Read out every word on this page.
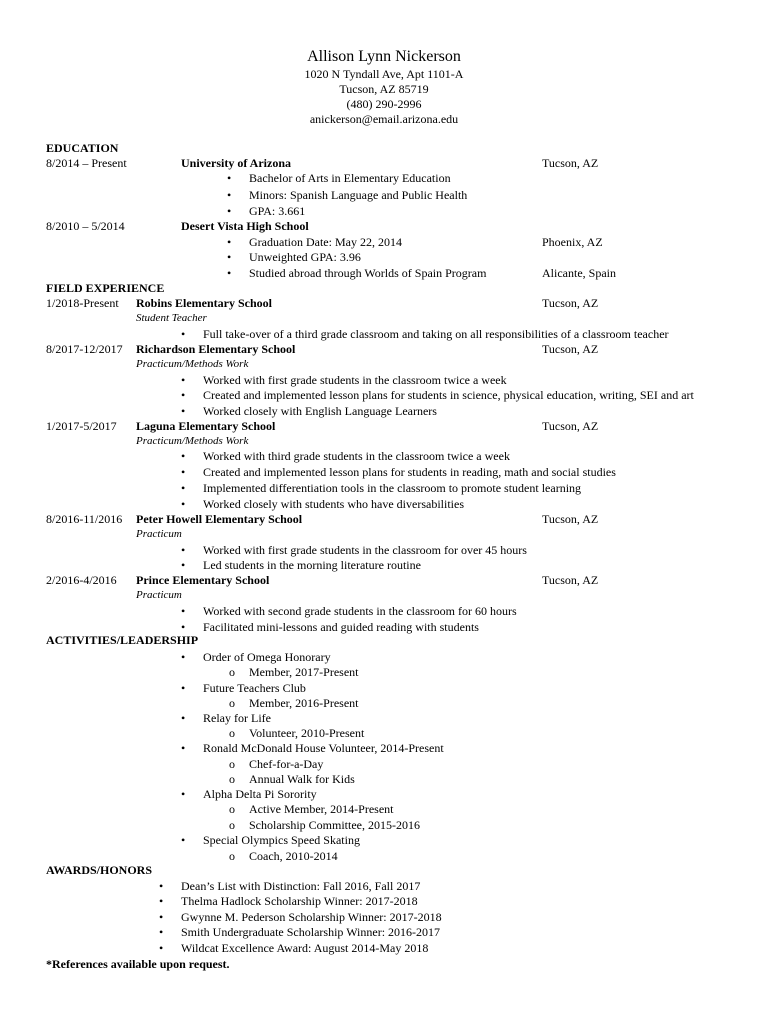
Allison Lynn Nickerson
1020 N Tyndall Ave, Apt 1101-A
Tucson, AZ 85719
(480) 290-2996
anickerson@email.arizona.edu
EDUCATION
8/2014 – Present	University of Arizona	Tucson, AZ
• Bachelor of Arts in Elementary Education
• Minors: Spanish Language and Public Health
• GPA: 3.661
8/2010 – 5/2014	Desert Vista High School
• Graduation Date: May 22, 2014	Phoenix, AZ
• Unweighted GPA: 3.96
• Studied abroad through Worlds of Spain Program	Alicante, Spain
FIELD EXPERIENCE
1/2018-Present Robins Elementary School	Tucson, AZ
Student Teacher
• Full take-over of a third grade classroom and taking on all responsibilities of a classroom teacher
8/2017-12/2017 Richardson Elementary School	Tucson, AZ
Practicum/Methods Work
• Worked with first grade students in the classroom twice a week
• Created and implemented lesson plans for students in science, physical education, writing, SEI and art
• Worked closely with English Language Learners
1/2017-5/2017 Laguna Elementary School	Tucson, AZ
Practicum/Methods Work
• Worked with third grade students in the classroom twice a week
• Created and implemented lesson plans for students in reading, math and social studies
• Implemented differentiation tools in the classroom to promote student learning
• Worked closely with students who have diversabilities
8/2016-11/2016 Peter Howell Elementary School	Tucson, AZ
Practicum
• Worked with first grade students in the classroom for over 45 hours
• Led students in the morning literature routine
2/2016-4/2016 Prince Elementary School	Tucson, AZ
Practicum
• Worked with second grade students in the classroom for 60 hours
• Facilitated mini-lessons and guided reading with students
ACTIVITIES/LEADERSHIP
• Order of Omega Honorary
o Member, 2017-Present
• Future Teachers Club
o Member, 2016-Present
• Relay for Life
o Volunteer, 2010-Present
• Ronald McDonald House Volunteer, 2014-Present
o Chef-for-a-Day
o Annual Walk for Kids
• Alpha Delta Pi Sorority
o Active Member, 2014-Present
o Scholarship Committee, 2015-2016
• Special Olympics Speed Skating
o Coach, 2010-2014
AWARDS/HONORS
• Dean’s List with Distinction: Fall 2016, Fall 2017
• Thelma Hadlock Scholarship Winner: 2017-2018
• Gwynne M. Pederson Scholarship Winner: 2017-2018
• Smith Undergraduate Scholarship Winner: 2016-2017
• Wildcat Excellence Award: August 2014-May 2018
*References available upon request.
